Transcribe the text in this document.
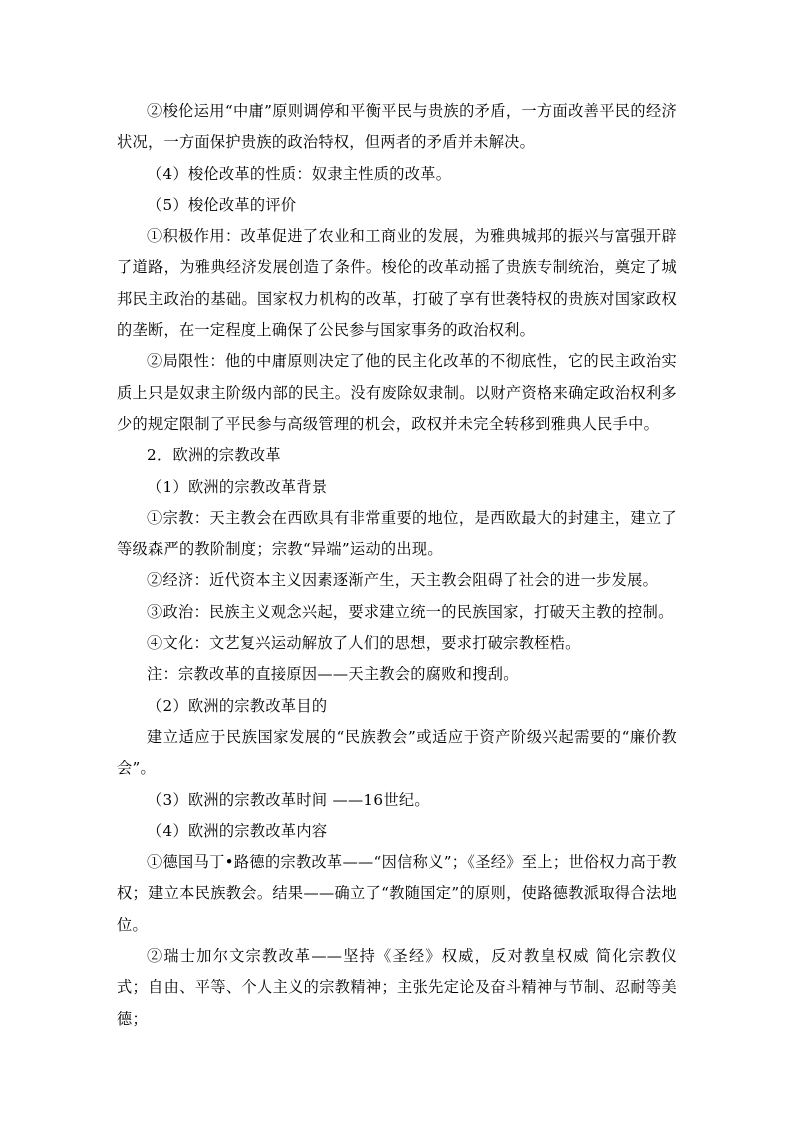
②梭伦运用“中庸”原则调停和平衡平民与贵族的矛盾，一方面改善平民的经济状况，一方面保护贵族的政治特权，但两者的矛盾并未解决。

（4）梭伦改革的性质：奴隶主性质的改革。

（5）梭伦改革的评价

①积极作用：改革促进了农业和工商业的发展，为雅典城邦的振兴与富强开辟了道路，为雅典经济发展创造了条件。梭伦的改革动摇了贵族专制统治，奠定了城邦民主政治的基础。国家权力机构的改革，打破了享有世袭特权的贵族对国家政权的垄断，在一定程度上确保了公民参与国家事务的政治权利。

②局限性：他的中庸原则决定了他的民主化改革的不彻底性，它的民主政治实质上只是奴隶主阶级内部的民主。没有废除奴隶制。以财产资格来确定政治权利多少的规定限制了平民参与高级管理的机会，政权并未完全转移到雅典人民手中。

2．欧洲的宗教改革

（1）欧洲的宗教改革背景

①宗教：天主教会在西欧具有非常重要的地位，是西欧最大的封建主，建立了等级森严的教阶制度；宗教“异端”运动的出现。

②经济：近代资本主义因素逐渐产生，天主教会阻碍了社会的进一步发展。

③政治：民族主义观念兴起，要求建立统一的民族国家，打破天主教的控制。

④文化：文艺复兴运动解放了人们的思想，要求打破宗教桎梏。

注：宗教改革的直接原因——天主教会的腐败和搜刮。

（2）欧洲的宗教改革目的

建立适应于民族国家发展的“民族教会”或适应于资产阶级兴起需要的“廉价教会”。

（3）欧洲的宗教改革时间 ——16世纪。

（4）欧洲的宗教改革内容

①德国马丁•路德的宗教改革——“因信称义”；《圣经》至上；世俗权力高于教权；建立本民族教会。结果——确立了“教随国定”的原则，使路德教派取得合法地位。

②瑞士加尔文宗教改革——坚持《圣经》权威，反对教皇权威 简化宗教仪式；自由、平等、个人主义的宗教精神；主张先定论及奋斗精神与节制、忍耐等美德；
